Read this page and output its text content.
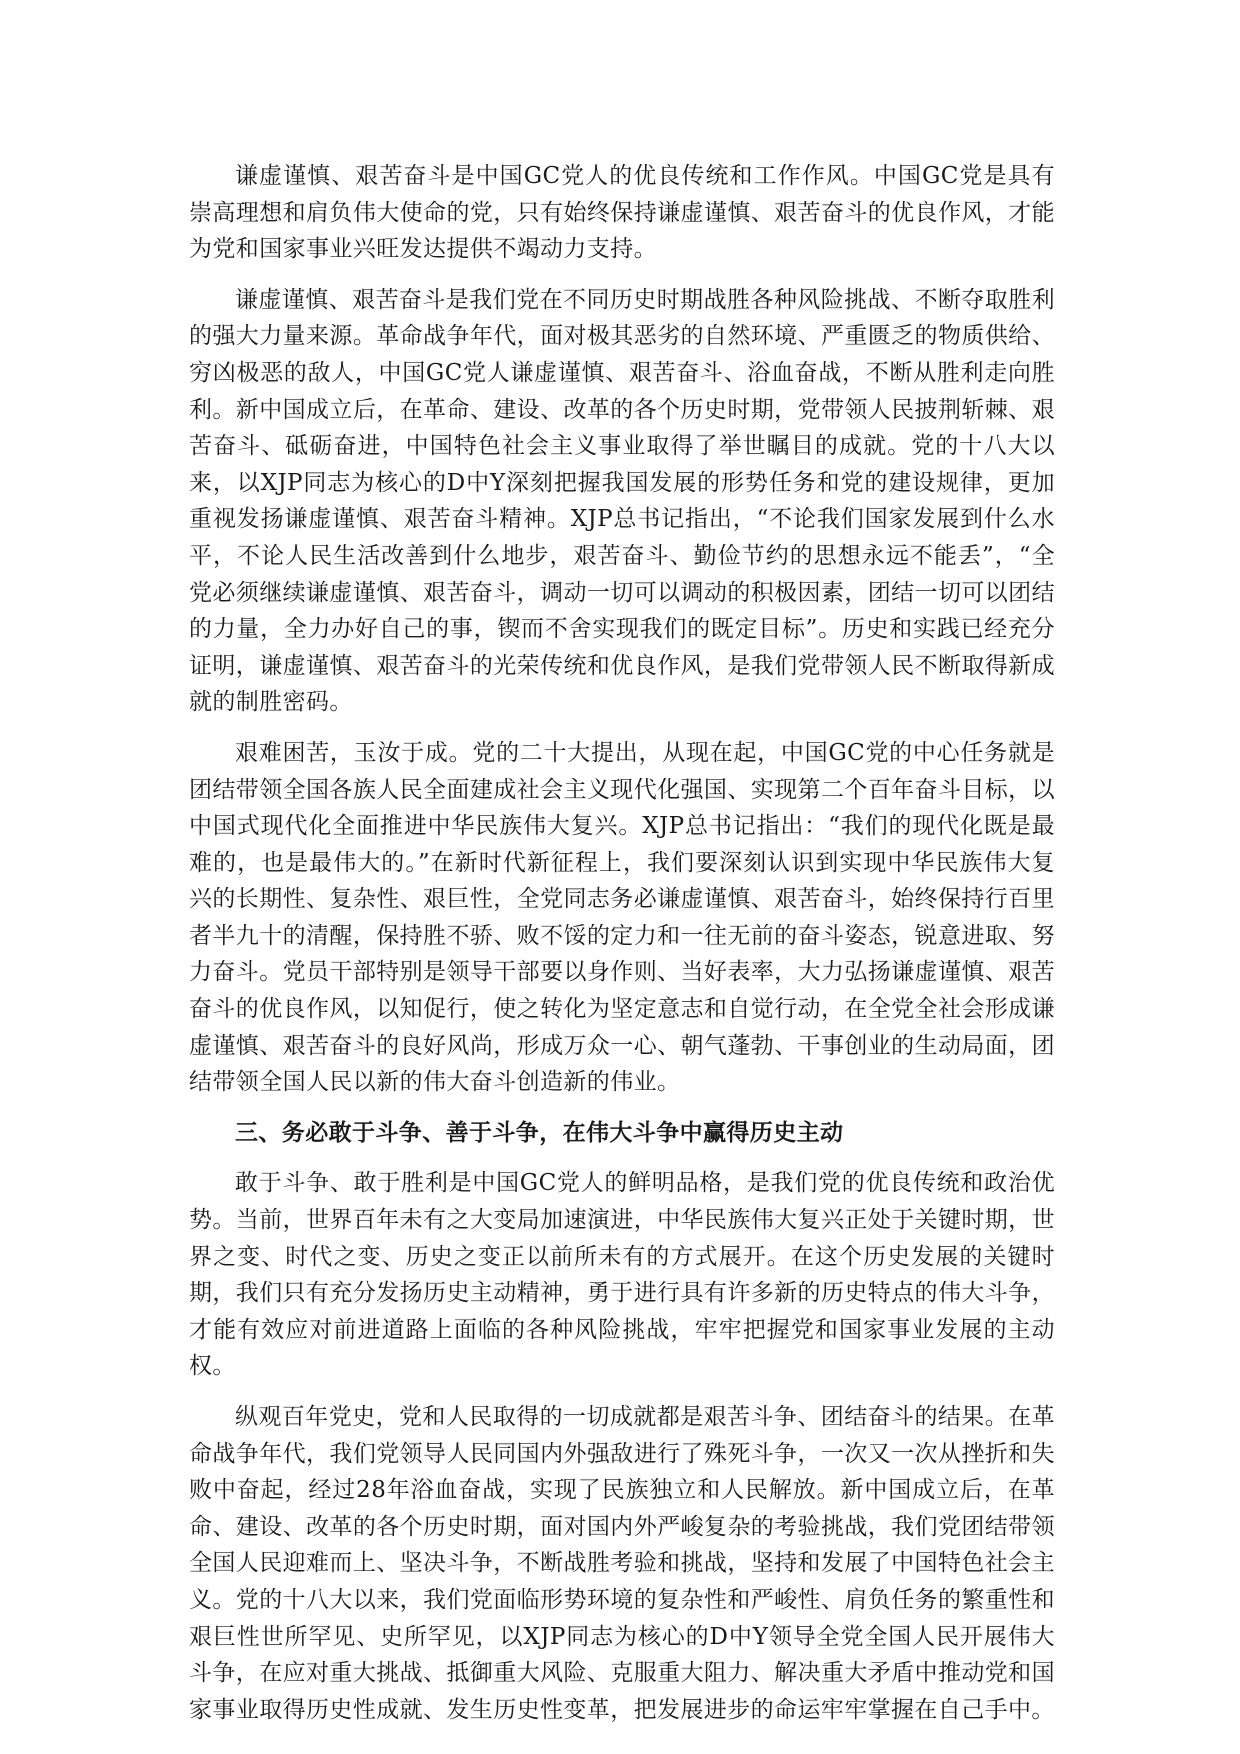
谦虚谨慎、艰苦奋斗是中国GC党人的优良传统和工作作风。中国GC党是具有崇高理想和肩负伟大使命的党，只有始终保持谦虚谨慎、艰苦奋斗的优良作风，才能为党和国家事业兴旺发达提供不竭动力支持。

谦虚谨慎、艰苦奋斗是我们党在不同历史时期战胜各种风险挑战、不断夺取胜利的强大力量来源。革命战争年代，面对极其恶劣的自然环境、严重匮乏的物质供给、穷凶极恶的敌人，中国GC党人谦虚谨慎、艰苦奋斗、浴血奋战，不断从胜利走向胜利。新中国成立后，在革命、建设、改革的各个历史时期，党带领人民披荆斩棘、艰苦奋斗、砥砺奋进，中国特色社会主义事业取得了举世瞩目的成就。党的十八大以来，以XJP同志为核心的D中Y深刻把握我国发展的形势任务和党的建设规律，更加重视发扬谦虚谨慎、艰苦奋斗精神。XJP总书记指出，“不论我们国家发展到什么水平，不论人民生活改善到什么地步，艰苦奋斗、勤俭节约的思想永远不能丢”，“全党必须继续谦虚谨慎、艰苦奋斗，调动一切可以调动的积极因素，团结一切可以团结的力量，全力办好自己的事，锲而不舍实现我们的既定目标”。历史和实践已经充分证明，谦虚谨慎、艰苦奋斗的光荣传统和优良作风，是我们党带领人民不断取得新成就的制胜密码。

艰难困苦，玉汝于成。党的二十大提出，从现在起，中国GC党的中心任务就是团结带领全国各族人民全面建成社会主义现代化强国、实现第二个百年奋斗目标，以中国式现代化全面推进中华民族伟大复兴。XJP总书记指出：“我们的现代化既是最难的，也是最伟大的。”在新时代新征程上，我们要深刻认识到实现中华民族伟大复兴的长期性、复杂性、艰巨性，全党同志务必谦虚谨慎、艰苦奋斗，始终保持行百里者半九十的清醒，保持胜不骄、败不馁的定力和一往无前的奋斗姿态，锐意进取、努力奋斗。党员干部特别是领导干部要以身作则、当好表率，大力弘扬谦虚谨慎、艰苦奋斗的优良作风，以知促行，使之转化为坚定意志和自觉行动，在全党全社会形成谦虚谨慎、艰苦奋斗的良好风尚，形成万众一心、朝气蓬勃、干事创业的生动局面，团结带领全国人民以新的伟大奋斗创造新的伟业。

三、务必敢于斗争、善于斗争，在伟大斗争中赢得历史主动

敢于斗争、敢于胜利是中国GC党人的鲜明品格，是我们党的优良传统和政治优势。当前，世界百年未有之大变局加速演进，中华民族伟大复兴正处于关键时期，世界之变、时代之变、历史之变正以前所未有的方式展开。在这个历史发展的关键时期，我们只有充分发扬历史主动精神，勇于进行具有许多新的历史特点的伟大斗争，才能有效应对前进道路上面临的各种风险挑战，牢牢把握党和国家事业发展的主动权。

纵观百年党史，党和人民取得的一切成就都是艰苦斗争、团结奋斗的结果。在革命战争年代，我们党领导人民同国内外强敌进行了殊死斗争，一次又一次从挫折和失败中奋起，经过28年浴血奋战，实现了民族独立和人民解放。新中国成立后，在革命、建设、改革的各个历史时期，面对国内外严峻复杂的考验挑战，我们党团结带领全国人民迎难而上、坚决斗争，不断战胜考验和挑战，坚持和发展了中国特色社会主义。党的十八大以来，我们党面临形势环境的复杂性和严峻性、肩负任务的繁重性和艰巨性世所罕见、史所罕见，以XJP同志为核心的D中Y领导全党全国人民开展伟大斗争，在应对重大挑战、抵御重大风险、克服重大阻力、解决重大矛盾中推动党和国家事业取得历史性成就、发生历史性变革，把发展进步的命运牢牢掌握在自己手中。
